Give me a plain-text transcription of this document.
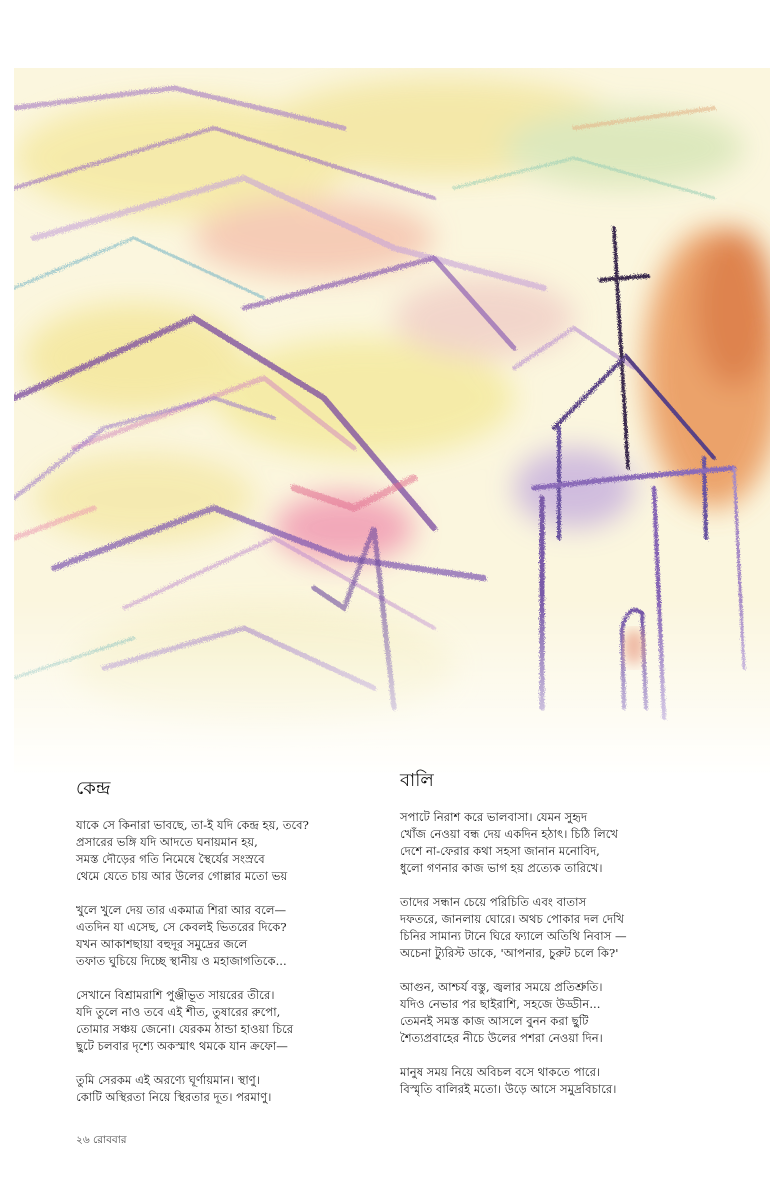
কেন্দ্র
যাকে সে কিনারা ভাবছে, তা-ই যদি কেন্দ্র হয়, তবে?
প্রসারের ভঙ্গি যদি আদতে ঘনায়মান হয়,
সমস্ত দৌড়ের গতি নিমেষে স্থৈর্যের সংস্রবে
থেমে যেতে চায় আর উলের গোল্লার মতো ভয়
খুলে খুলে দেয় তার একমাত্র শিরা আর বলে—
এতদিন যা এসেছ, সে কেবলই ভিতরের দিকে?
যখন আকাশছায়া বহুদূর সমুদ্রের জলে
তফাত ঘুচিয়ে দিচ্ছে স্থানীয় ও মহাজাগতিকে...
সেখানে বিশ্রামরাশি পুঞ্জীভূত সায়রের তীরে।
যদি তুলে নাও তবে এই শীত, তুষারের রুপো,
তোমার সঞ্চয় জেনো। যেরকম ঠান্ডা হাওয়া চিরে
ছুটে চলবার দৃশ্যে অকস্মাৎ থমকে যান ক্রফো—
তুমি সেরকম এই অরণ্যে ঘূর্ণায়মান। স্থাণু।
কোটি অস্থিরতা নিয়ে স্থিরতার দূত। পরমাণু।
বালি
সপাটে নিরাশ করে ভালবাসা। যেমন সুহৃদ
খোঁজ নেওয়া বন্ধ দেয় একদিন হঠাৎ। চিঠি লিখে
দেশে না-ফেরার কথা সহসা জানান মনোবিদ,
ধুলো গণনার কাজ ভাগ হয় প্রত্যেক তারিখে।
তাদের সন্ধান চেয়ে পরিচিতি এবং বাতাস
দফতরে, জানলায় ঘোরে। অথচ পোকার দল দেখি
চিনির সামান্য টানে ঘিরে ফ্যালে অতিথি নিবাস —
অচেনা ট্যুরিস্ট ডাকে, 'আপনার, চুরুট চলে কি?'
আগুন, আশ্চর্য বস্তু, জ্বলার সময়ে প্রতিশ্রুতি।
যদিও নেভার পর ছাইরাশি, সহজে উড্ডীন...
তেমনই সমস্ত কাজ আসলে বুনন করা ছুটি
শৈত্যপ্রবাহের নীচে উলের পশরা নেওয়া দিন।
মানুষ সময় নিয়ে অবিচল বসে থাকতে পারে।
বিস্মৃতি বালিরই মতো। উড়ে আসে সমুদ্রবিচারে।
২৬ রোববার
